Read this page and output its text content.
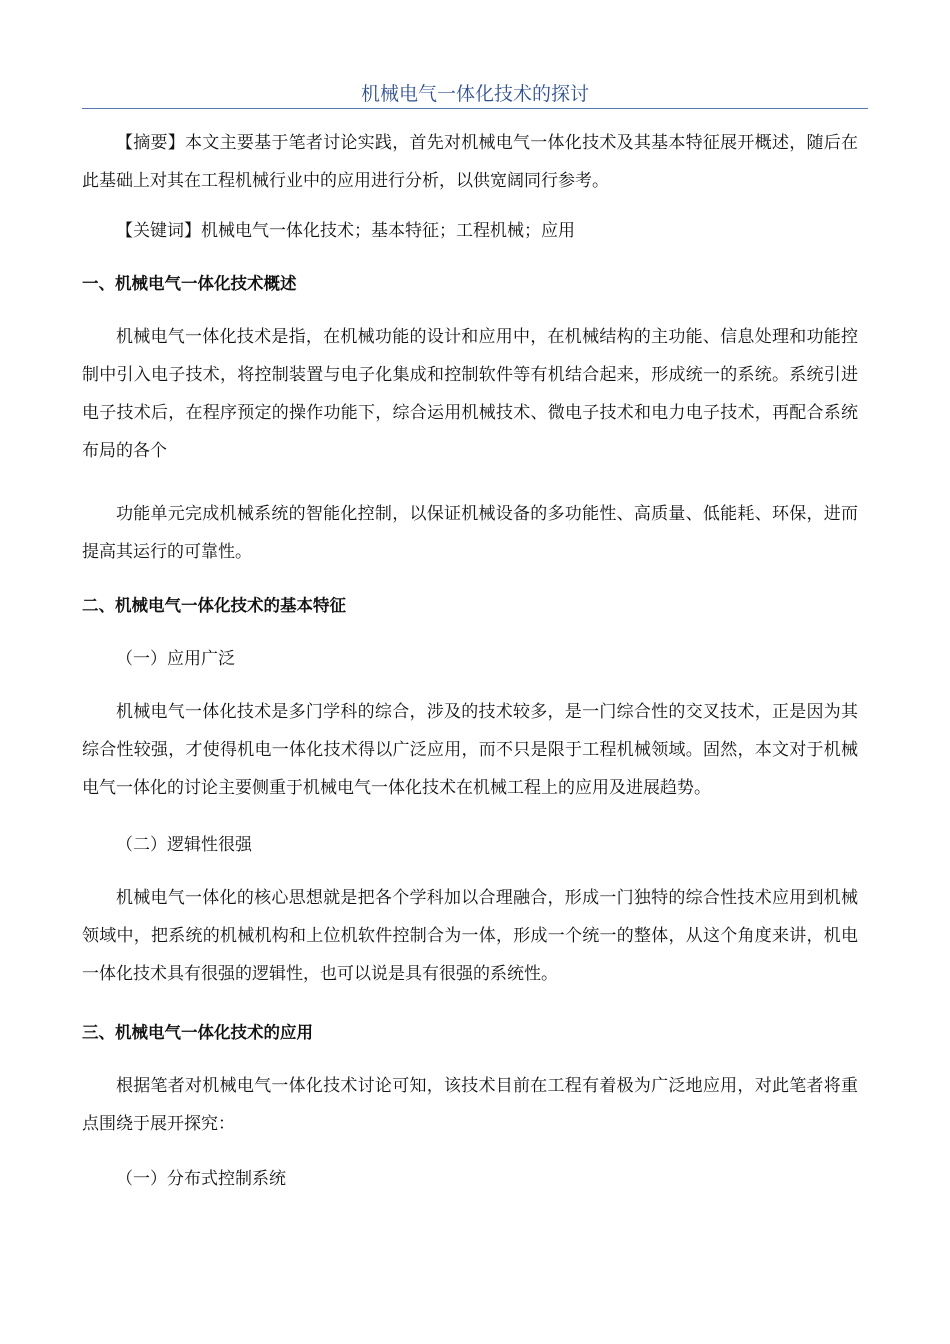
机械电气一体化技术的探讨
【摘要】本文主要基于笔者讨论实践，首先对机械电气一体化技术及其基本特征展开概述，随后在此基础上对其在工程机械行业中的应用进行分析，以供宽阔同行参考。
【关键词】机械电气一体化技术；基本特征；工程机械；应用
一、机械电气一体化技术概述
机械电气一体化技术是指，在机械功能的设计和应用中，在机械结构的主功能、信息处理和功能控制中引入电子技术，将控制装置与电子化集成和控制软件等有机结合起来，形成统一的系统。系统引进电子技术后，在程序预定的操作功能下，综合运用机械技术、微电子技术和电力电子技术，再配合系统布局的各个
功能单元完成机械系统的智能化控制，以保证机械设备的多功能性、高质量、低能耗、环保，进而提高其运行的可靠性。
二、机械电气一体化技术的基本特征
（一）应用广泛
机械电气一体化技术是多门学科的综合，涉及的技术较多，是一门综合性的交叉技术，正是因为其综合性较强，才使得机电一体化技术得以广泛应用，而不只是限于工程机械领域。固然，本文对于机械电气一体化的讨论主要侧重于机械电气一体化技术在机械工程上的应用及进展趋势。
（二）逻辑性很强
机械电气一体化的核心思想就是把各个学科加以合理融合，形成一门独特的综合性技术应用到机械领域中，把系统的机械机构和上位机软件控制合为一体，形成一个统一的整体，从这个角度来讲，机电一体化技术具有很强的逻辑性，也可以说是具有很强的系统性。
三、机械电气一体化技术的应用
根据笔者对机械电气一体化技术讨论可知，该技术目前在工程有着极为广泛地应用，对此笔者将重点围绕于展开探究：
（一）分布式控制系统
